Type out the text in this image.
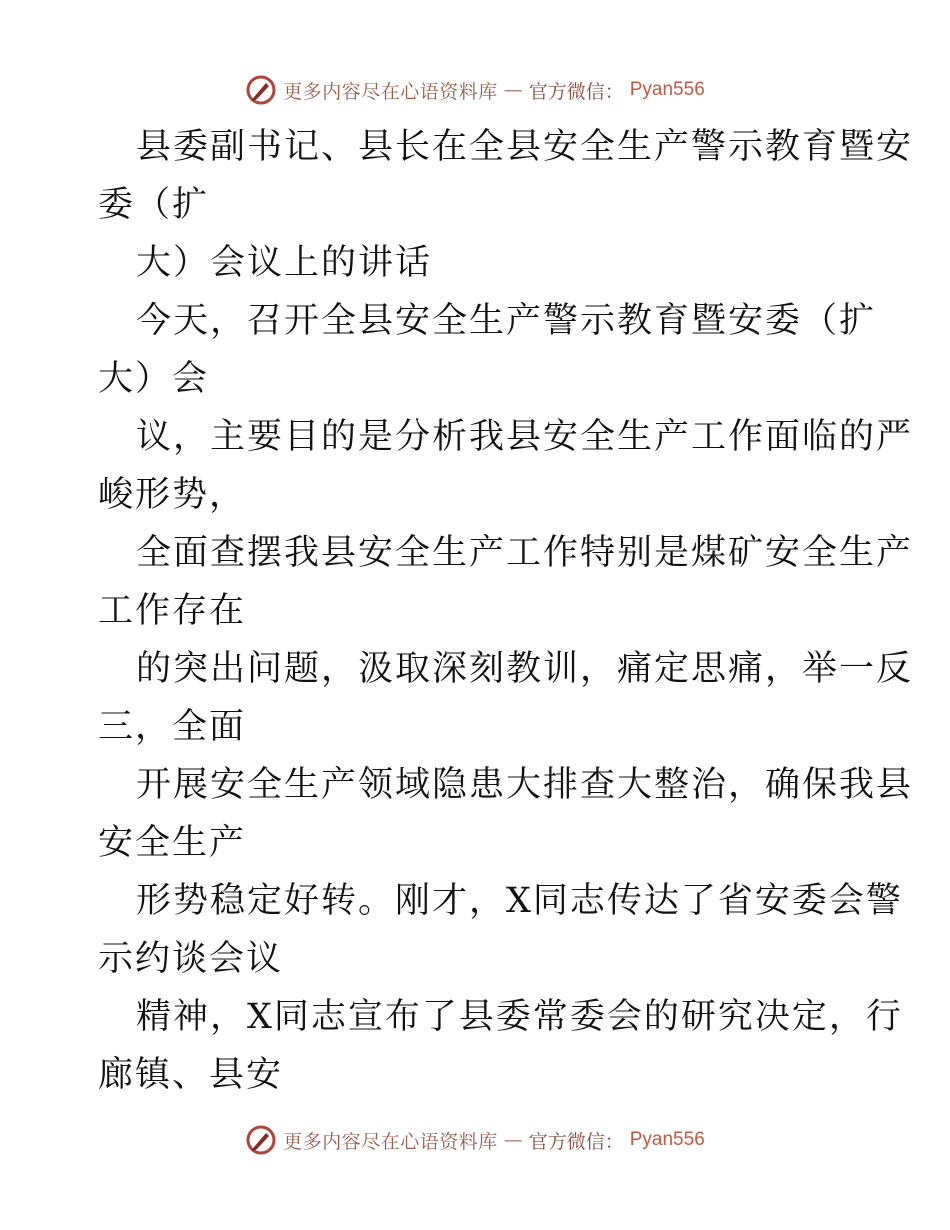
更多内容尽在心语资料库 — 官方微信： Pyan556

县委副书记、县长在全县安全生产警示教育暨安
委（扩

大）会议上的讲话

今天，召开全县安全生产警示教育暨安委（扩
大）会

议，主要目的是分析我县安全生产工作面临的严
峻形势，

全面查摆我县安全生产工作特别是煤矿安全生产
工作存在

的突出问题，汲取深刻教训，痛定思痛，举一反
三，全面

开展安全生产领域隐患大排查大整治，确保我县
安全生产

形势稳定好转。刚才，X同志传达了省安委会警
示约谈会议

精神，X同志宣布了县委常委会的研究决定，行
廊镇、县安

更多内容尽在心语资料库 — 官方微信： Pyan556
